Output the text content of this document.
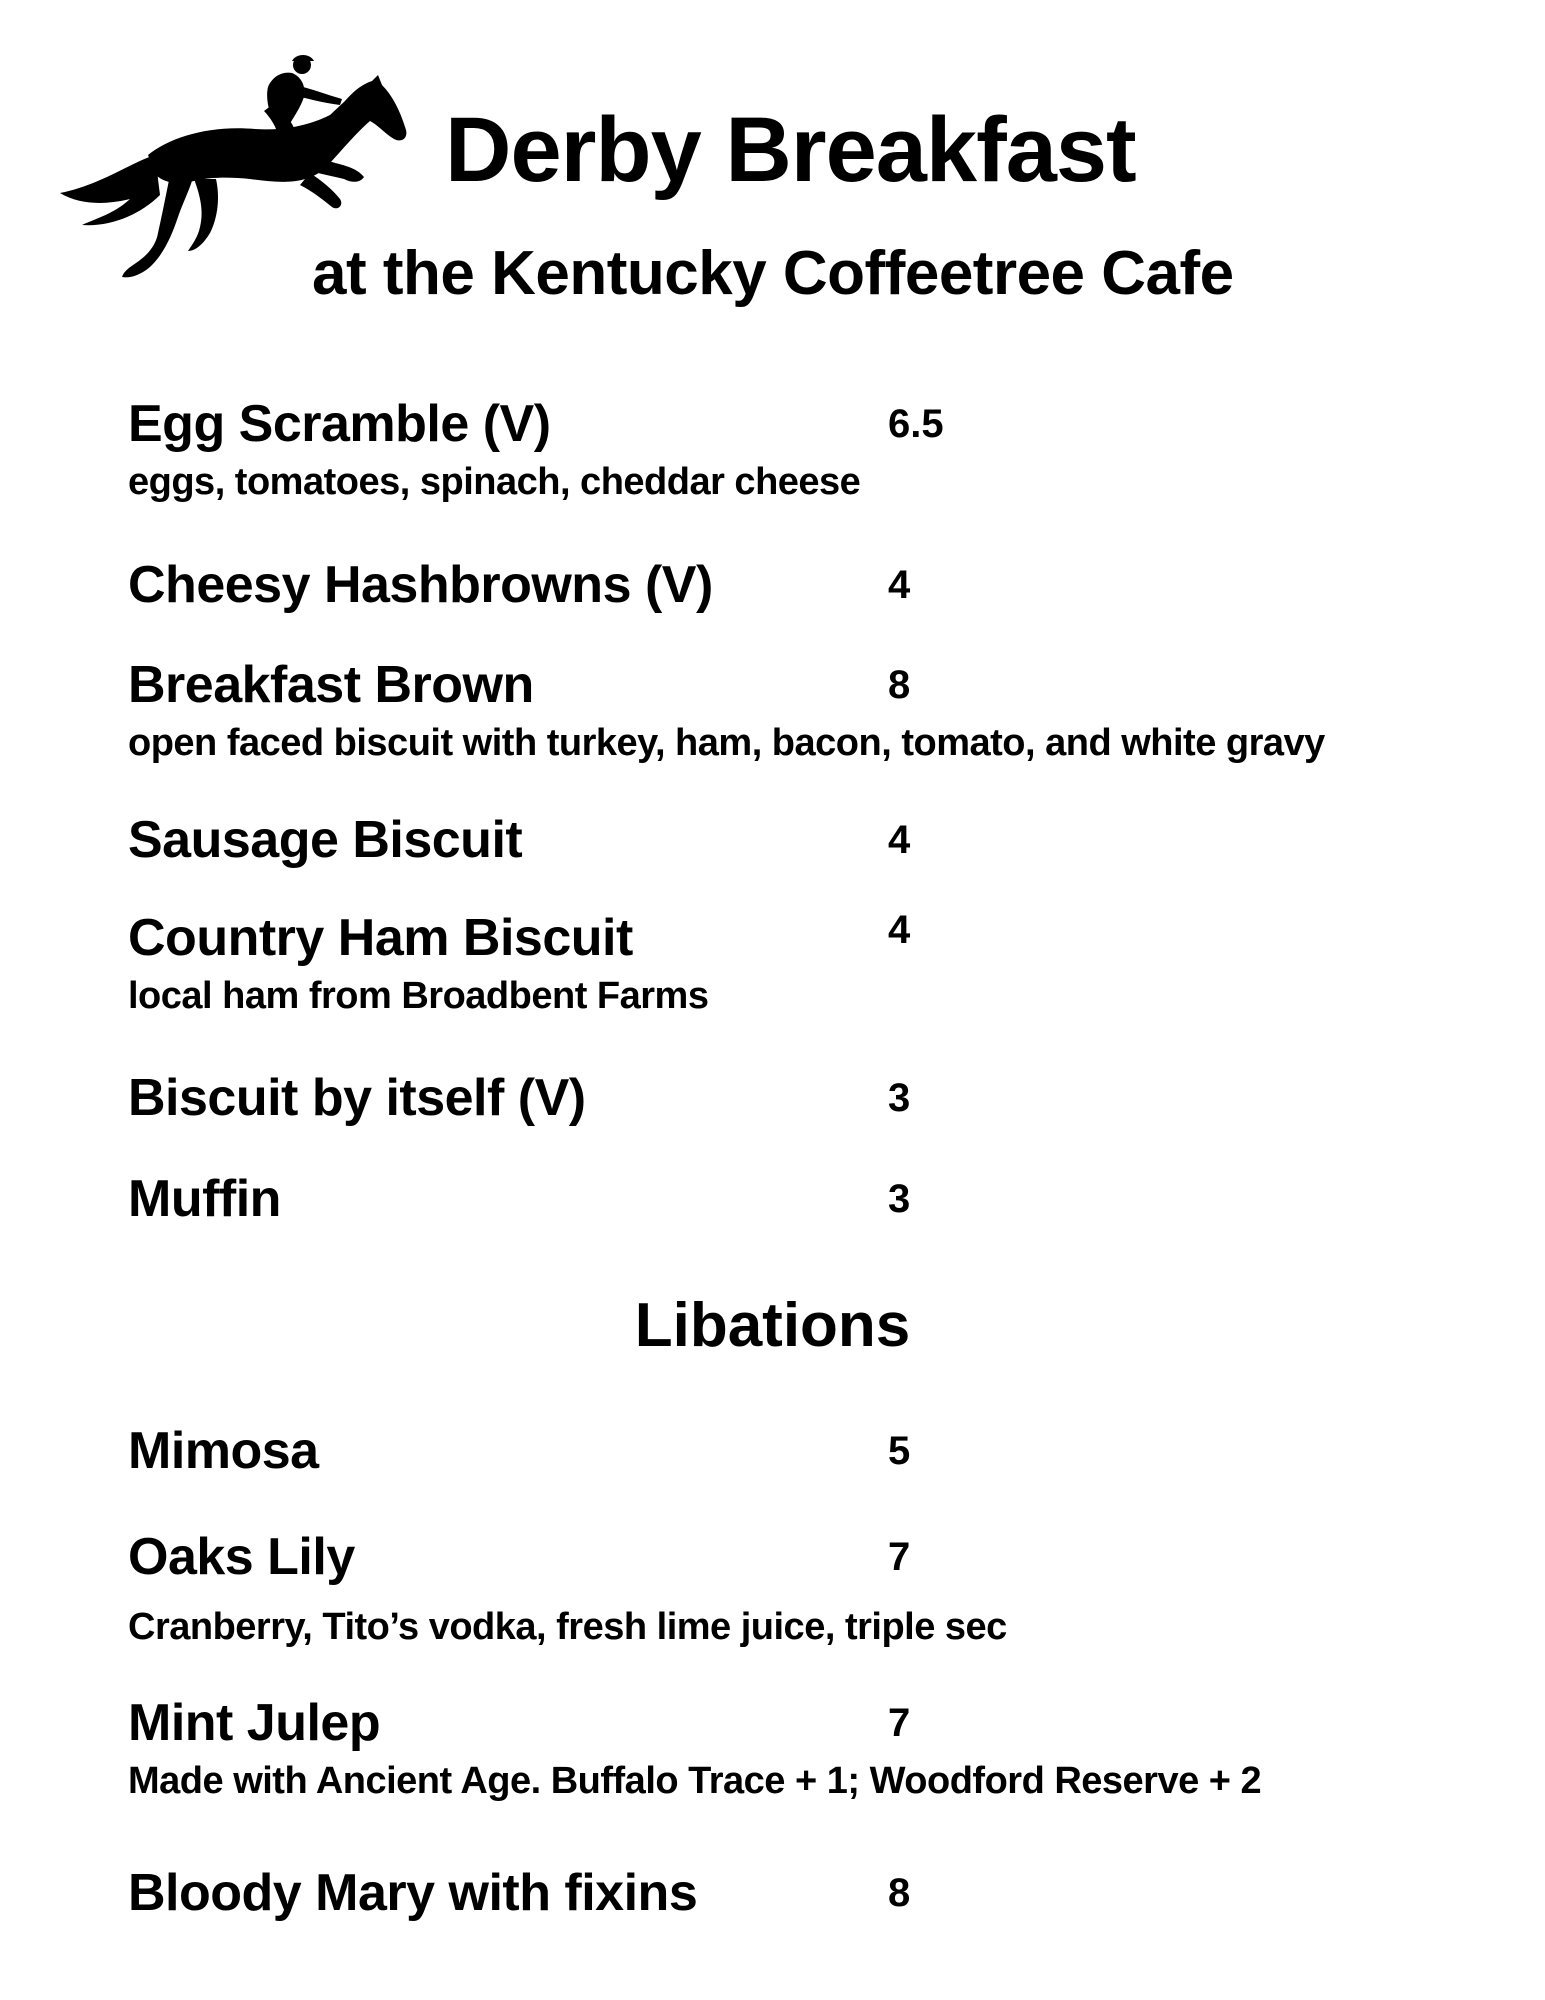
Derby Breakfast
at the Kentucky Coffeetree Cafe
Egg Scramble (V)	6.5
eggs, tomatoes, spinach, cheddar cheese
Cheesy Hashbrowns (V)	4
Breakfast Brown	8
open faced biscuit with turkey, ham, bacon, tomato, and white gravy
Sausage Biscuit	4
Country Ham Biscuit	4
local ham from Broadbent Farms
Biscuit by itself (V)	3
Muffin	3
Libations
Mimosa	5
Oaks Lily	7
Cranberry, Tito’s vodka, fresh lime juice, triple sec
Mint Julep	7
Made with Ancient Age. Buffalo Trace + 1; Woodford Reserve + 2
Bloody Mary with fixins	8
